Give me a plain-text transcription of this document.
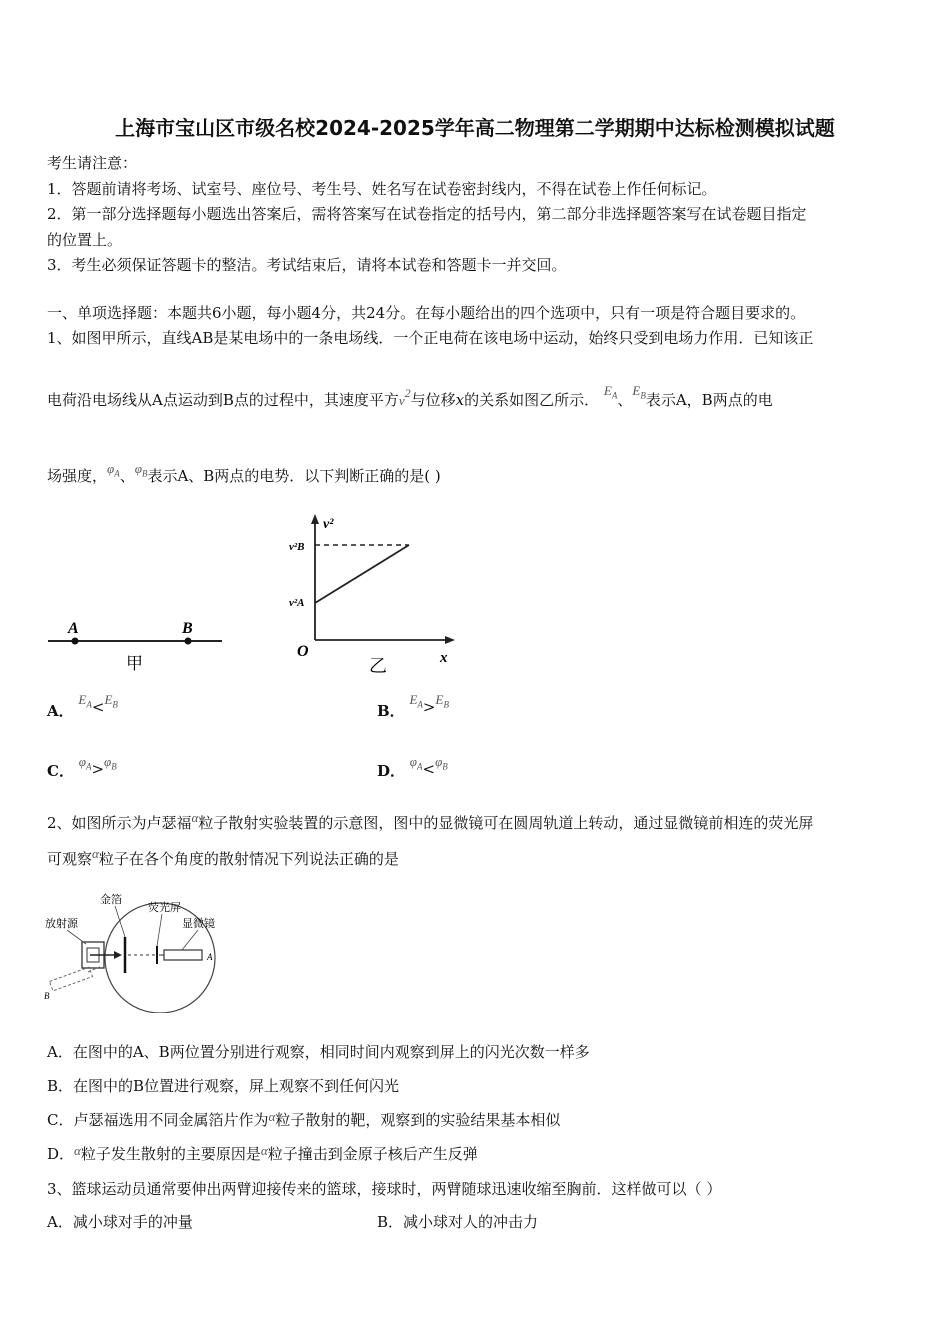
上海市宝山区市级名校2024-2025学年高二物理第二学期期中达标检测模拟试题
考生请注意：
1．答题前请将考场、试室号、座位号、考生号、姓名写在试卷密封线内，不得在试卷上作任何标记。
2．第一部分选择题每小题选出答案后，需将答案写在试卷指定的括号内，第二部分非选择题答案写在试卷题目指定
的位置上。
3．考生必须保证答题卡的整洁。考试结束后，请将本试卷和答题卡一并交回。
一、单项选择题：本题共6小题，每小题4分，共24分。在每小题给出的四个选项中，只有一项是符合题目要求的。
1、如图甲所示，直线AB是某电场中的一条电场线．一个正电荷在该电场中运动，始终只受到电场力作用．已知该正
电荷沿电场线从A点运动到B点的过程中，其速度平方v2与位移x的关系如图乙所示． $E_A$、$E_B$表示A，B两点的电
场强度，$\varphi_A$、$\varphi_B$表示A、B两点的电势．以下判断正确的是( )
A	B
甲
v²
v²B
v²A
O	x
乙
A． $E_A<E_B$	B． $E_A>E_B$
C． $\varphi_A>\varphi_B$	D． $\varphi_A<\varphi_B$
2、如图所示为卢瑟福α粒子散射实验装置的示意图，图中的显微镜可在圆周轨道上转动，通过显微镜前相连的荧光屏
可观察α粒子在各个角度的散射情况下列说法正确的是
A
B
放射源
金箔
荧光屏
显微镜
A．在图中的A、B两位置分别进行观察，相同时间内观察到屏上的闪光次数一样多
B．在图中的B位置进行观察，屏上观察不到任何闪光
C．卢瑟福选用不同金属箔片作为α粒子散射的靶，观察到的实验结果基本相似
D．α粒子发生散射的主要原因是α粒子撞击到金原子核后产生反弹
3、篮球运动员通常要伸出两臂迎接传来的篮球，接球时，两臂随球迅速收缩至胸前．这样做可以（ ）
A．减小球对手的冲量	B．减小球对人的冲击力
